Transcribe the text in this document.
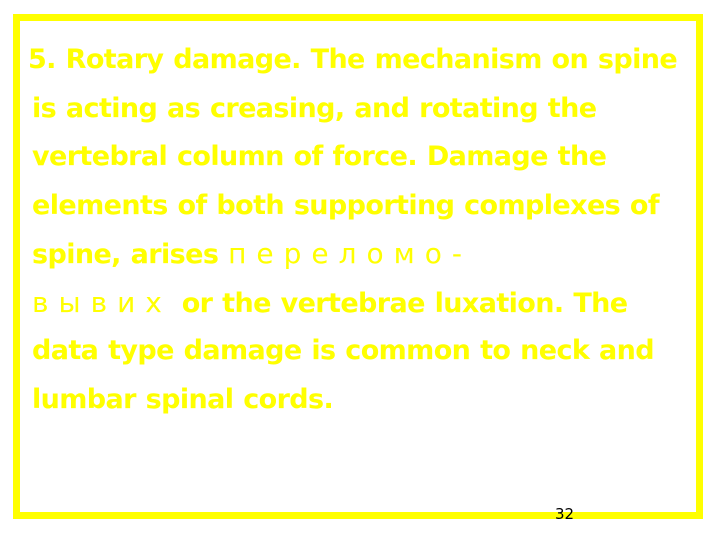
5. Rotary damage. The mechanism on spine
is acting as creasing, and rotating the
vertebral column of force. Damage the
elements of both supporting complexes of
spine, arises переломо-
вывих or the vertebrae luxation. The
data type damage is common to neck and
lumbar spinal cords.
32
